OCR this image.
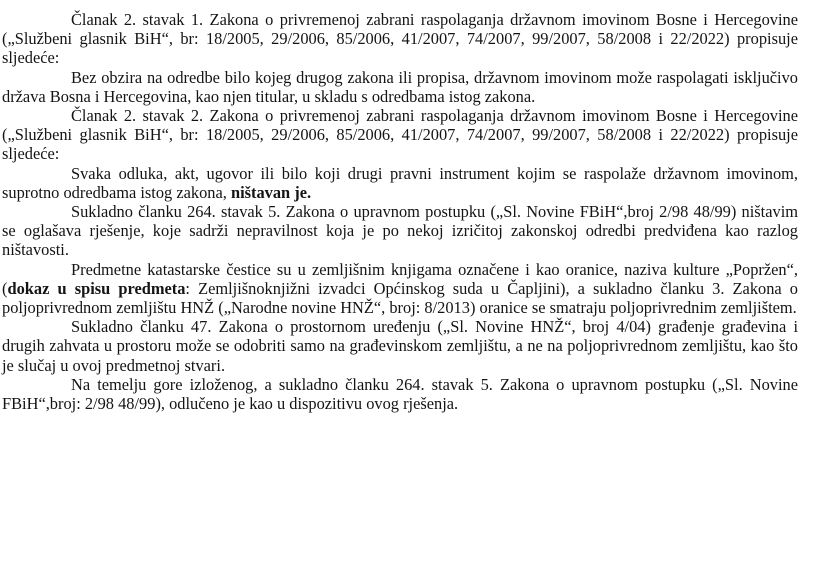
Članak 2. stavak 1. Zakona o privremenoj zabrani raspolaganja državnom imovinom Bosne i Hercegovine („Službeni glasnik BiH“, br: 18/2005, 29/2006, 85/2006, 41/2007, 74/2007, 99/2007, 58/2008 i 22/2022) propisuje sljedeće:

Bez obzira na odredbe bilo kojeg drugog zakona ili propisa, državnom imovinom može raspolagati isključivo država Bosna i Hercegovina, kao njen titular, u skladu s odredbama istog zakona.

Članak 2. stavak 2. Zakona o privremenoj zabrani raspolaganja državnom imovinom Bosne i Hercegovine („Službeni glasnik BiH“, br: 18/2005, 29/2006, 85/2006, 41/2007, 74/2007, 99/2007, 58/2008 i 22/2022) propisuje sljedeće:

Svaka odluka, akt, ugovor ili bilo koji drugi pravni instrument kojim se raspolaže državnom imovinom, suprotno odredbama istog zakona, ništavan je.

Sukladno članku 264. stavak 5. Zakona o upravnom postupku („Sl. Novine FBiH“,broj 2/98 48/99) ništavim se oglašava rješenje, koje sadrži nepravilnost koja je po nekoj izričitoj zakonskoj odredbi predviđena kao razlog ništavosti.

Predmetne katastarske čestice su u zemljišnim knjigama označene i kao oranice, naziva kulture „Popržen“, (dokaz u spisu predmeta: Zemljišnoknjižni izvadci Općinskog suda u Čapljini), a sukladno članku 3. Zakona o poljoprivrednom zemljištu HNŽ („Narodne novine HNŽ“, broj: 8/2013) oranice se smatraju poljoprivrednim zemljištem.

Sukladno članku 47. Zakona o prostornom uređenju („Sl. Novine HNŽ“, broj 4/04) građenje građevina i drugih zahvata u prostoru može se odobriti samo na građevinskom zemljištu, a ne na poljoprivrednom zemljištu, kao što je slučaj u ovoj predmetnoj stvari.

Na temelju gore izloženog, a sukladno članku 264. stavak 5. Zakona o upravnom postupku („Sl. Novine FBiH“,broj: 2/98 48/99), odlučeno je kao u dispozitivu ovog rješenja.
